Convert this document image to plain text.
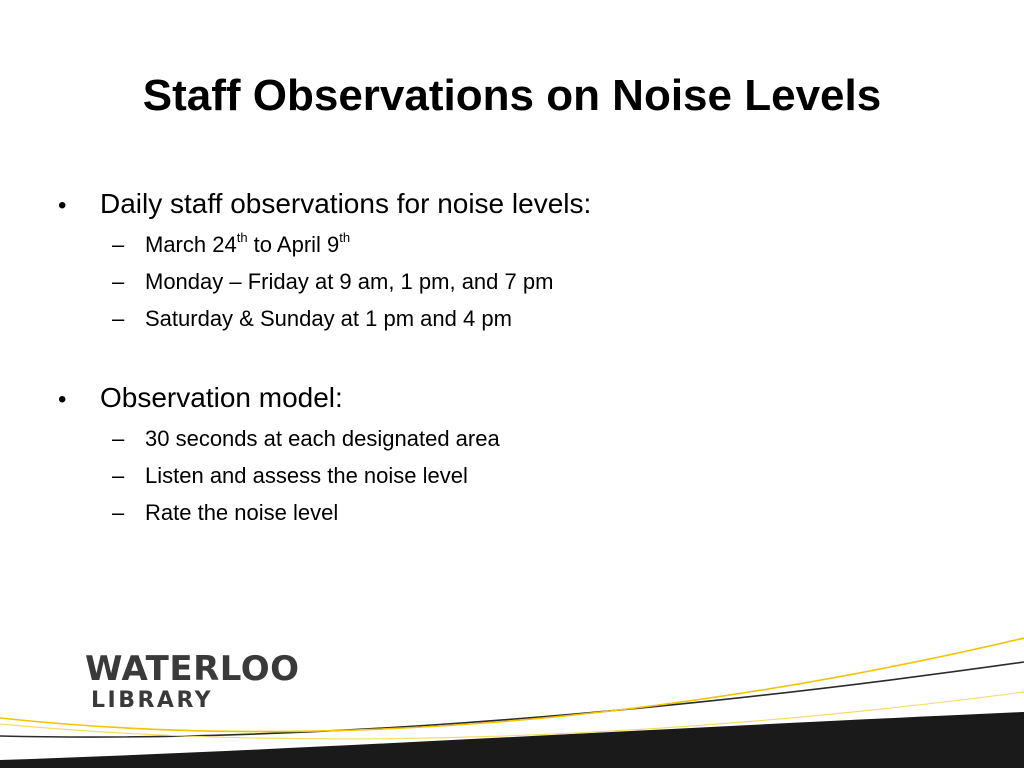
Staff Observations on Noise Levels
•	Daily staff observations for noise levels:
– March 24th to April 9th
– Monday – Friday at 9 am, 1 pm, and 7 pm
– Saturday & Sunday at 1 pm and 4 pm
•	Observation model:
– 30 seconds at each designated area
– Listen and assess the noise level
– Rate the noise level
WATERLOO
LIBRARY
